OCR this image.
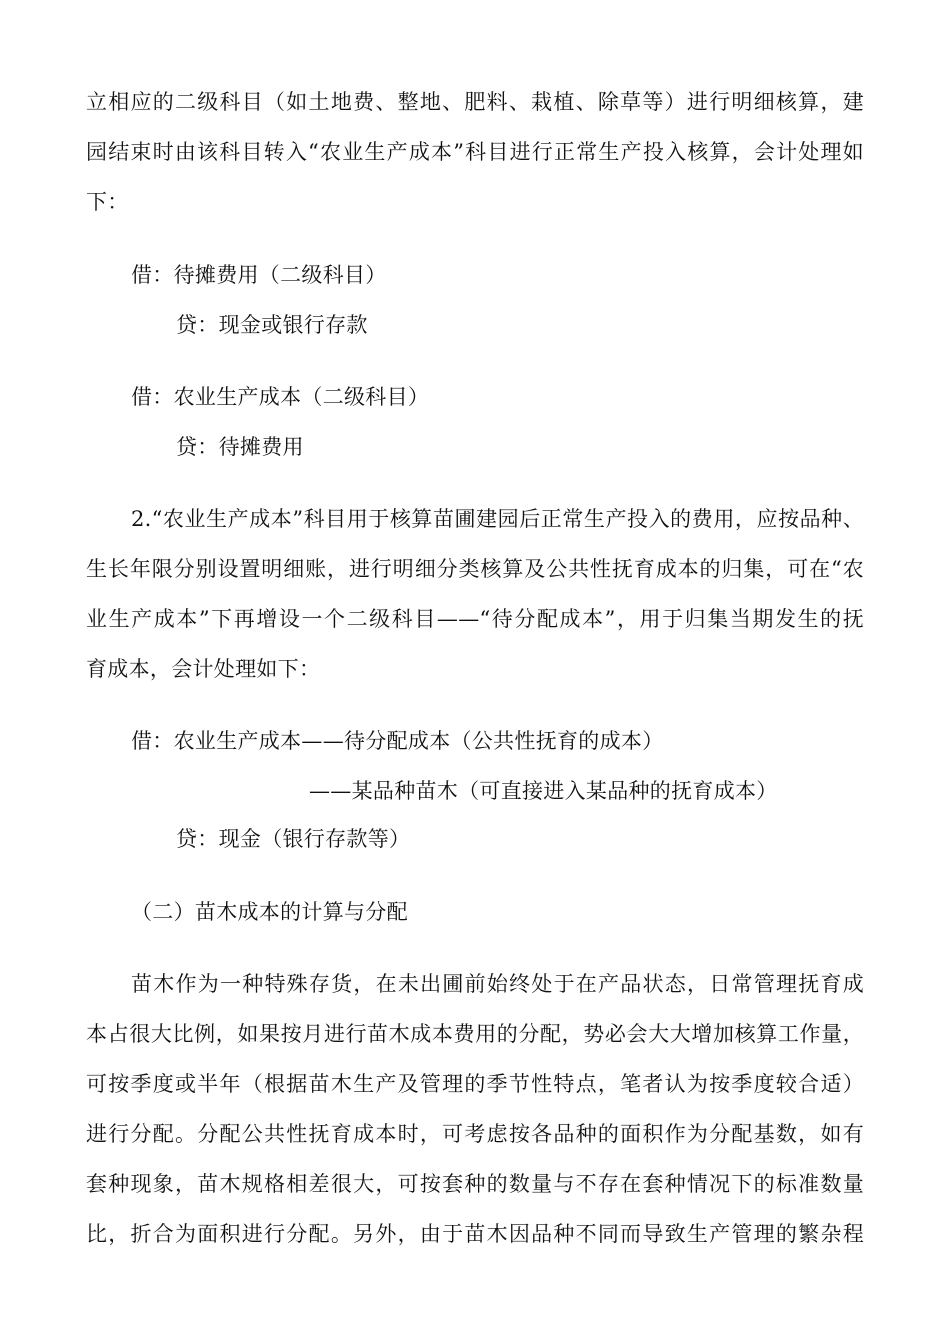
立相应的二级科目（如土地费、整地、肥料、栽植、除草等）进行明细核算，建
园结束时由该科目转入“农业生产成本”科目进行正常生产投入核算，会计处理如
下：
借：待摊费用（二级科目）
贷：现金或银行存款
借：农业生产成本（二级科目）
贷：待摊费用
2.“农业生产成本”科目用于核算苗圃建园后正常生产投入的费用，应按品种、
生长年限分别设置明细账，进行明细分类核算及公共性抚育成本的归集，可在“农
业生产成本”下再增设一个二级科目——“待分配成本”，用于归集当期发生的抚
育成本，会计处理如下：
借：农业生产成本——待分配成本（公共性抚育的成本）
——某品种苗木（可直接进入某品种的抚育成本）
贷：现金（银行存款等）
（二）苗木成本的计算与分配
苗木作为一种特殊存货，在未出圃前始终处于在产品状态，日常管理抚育成
本占很大比例，如果按月进行苗木成本费用的分配，势必会大大增加核算工作量，
可按季度或半年（根据苗木生产及管理的季节性特点，笔者认为按季度较合适）
进行分配。分配公共性抚育成本时，可考虑按各品种的面积作为分配基数，如有
套种现象，苗木规格相差很大，可按套种的数量与不存在套种情况下的标准数量
比，折合为面积进行分配。另外，由于苗木因品种不同而导致生产管理的繁杂程
